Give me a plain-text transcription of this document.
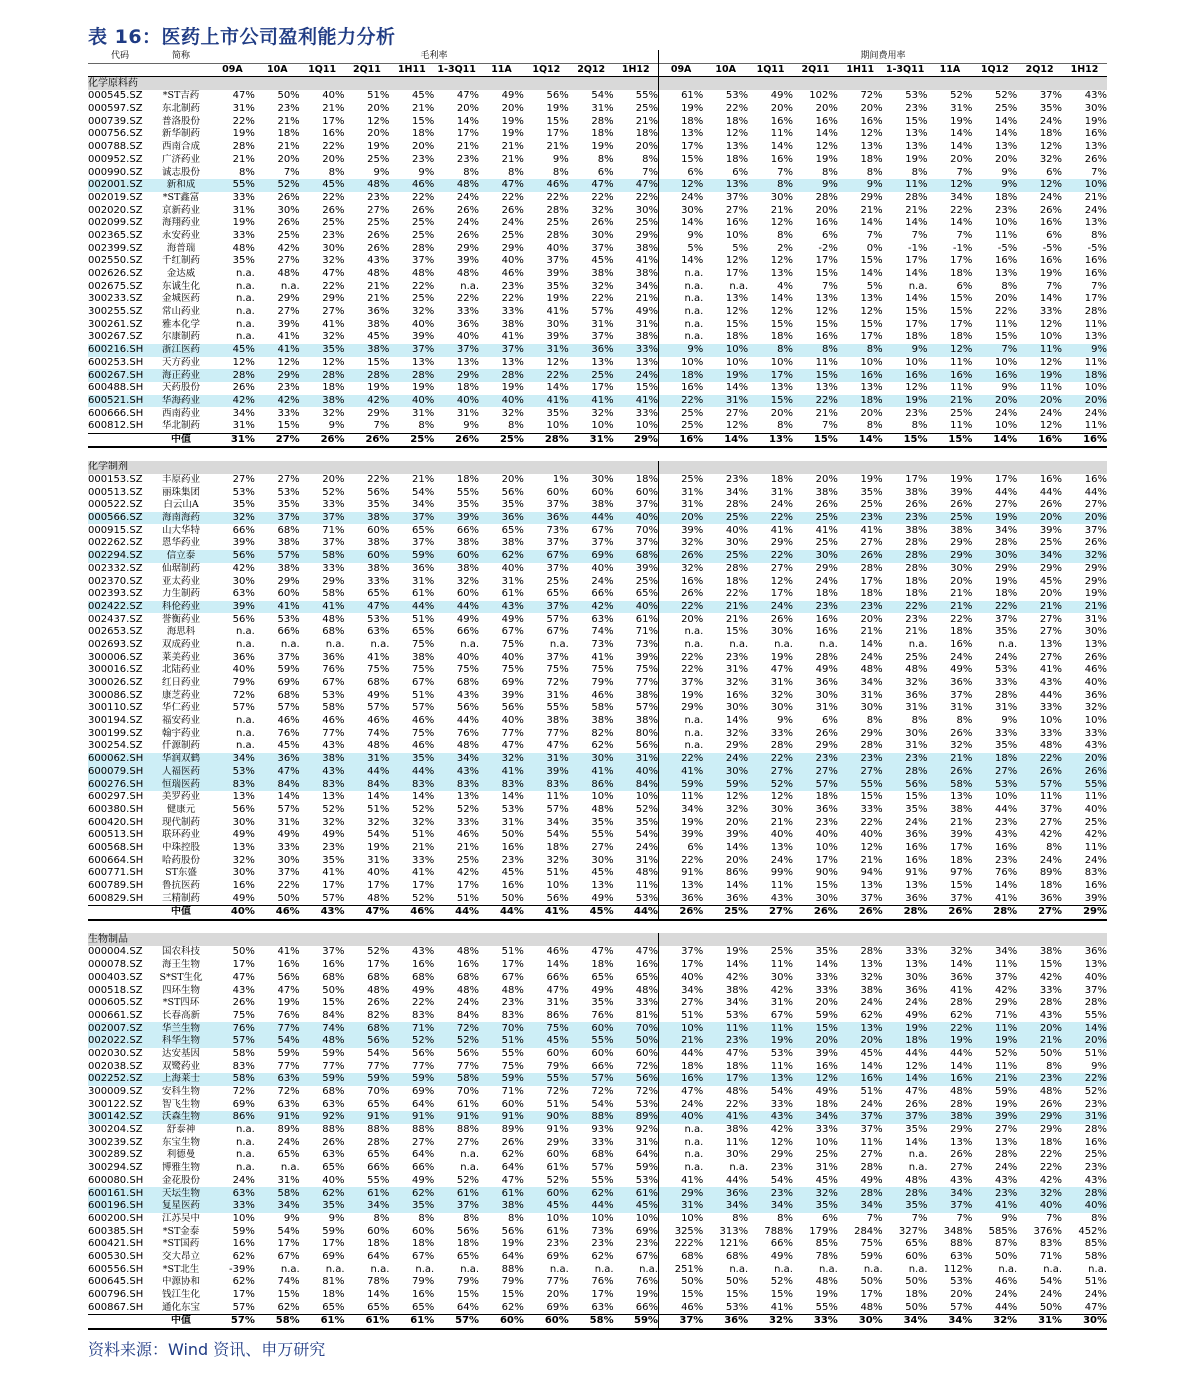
表 16：医药上市公司盈利能力分析
代码	简称	毛利率										期间费用率									
		09A	10A	1Q11	2Q11	1H11	1-3Q11	11A	1Q12	2Q12	1H12	09A	10A	1Q11	2Q11	1H11	1-3Q11	11A	1Q12	2Q12	1H12
化学原料药																					
000545.SZ	*ST吉药	47%	50%	40%	51%	45%	47%	49%	56%	54%	55%	61%	53%	49%	102%	72%	53%	52%	52%	37%	43%
000597.SZ	东北制药	31%	23%	21%	20%	21%	20%	20%	19%	31%	25%	19%	22%	20%	20%	20%	23%	31%	25%	35%	30%
000739.SZ	普洛股份	22%	21%	17%	12%	15%	14%	19%	15%	28%	21%	18%	18%	16%	16%	16%	15%	19%	14%	24%	19%
000756.SZ	新华制药	19%	18%	16%	20%	18%	17%	19%	17%	18%	18%	13%	12%	11%	14%	12%	13%	14%	14%	18%	16%
000788.SZ	西南合成	28%	21%	22%	19%	20%	21%	21%	21%	19%	20%	17%	13%	14%	12%	13%	13%	14%	13%	12%	13%
000952.SZ	广济药业	21%	20%	20%	25%	23%	23%	21%	9%	8%	8%	15%	18%	16%	19%	18%	19%	20%	20%	32%	26%
000990.SZ	诚志股份	8%	7%	8%	9%	9%	8%	8%	8%	6%	7%	6%	6%	7%	8%	8%	8%	7%	9%	6%	7%
002001.SZ	新和成	55%	52%	45%	48%	46%	48%	47%	46%	47%	47%	12%	13%	8%	9%	9%	11%	12%	9%	12%	10%
002019.SZ	*ST鑫富	33%	26%	22%	23%	22%	24%	22%	22%	22%	22%	24%	37%	30%	28%	29%	28%	34%	18%	24%	21%
002020.SZ	京新药业	31%	30%	26%	27%	26%	26%	26%	28%	32%	30%	30%	27%	21%	20%	21%	21%	22%	23%	26%	24%
002099.SZ	海翔药业	19%	26%	25%	25%	25%	24%	24%	25%	26%	25%	14%	16%	12%	16%	14%	14%	14%	10%	16%	13%
002365.SZ	永安药业	33%	25%	23%	26%	25%	26%	25%	28%	30%	29%	9%	10%	8%	6%	7%	7%	7%	11%	6%	8%
002399.SZ	海普瑞	48%	42%	30%	26%	28%	29%	29%	40%	37%	38%	5%	5%	2%	-2%	0%	-1%	-1%	-5%	-5%	-5%
002550.SZ	千红制药	35%	27%	32%	43%	37%	39%	40%	37%	45%	41%	14%	12%	12%	17%	15%	17%	17%	16%	16%	16%
002626.SZ	金达威	n.a.	48%	47%	48%	48%	48%	46%	39%	38%	38%	n.a.	17%	13%	15%	14%	14%	18%	13%	19%	16%
002675.SZ	东诚生化	n.a.	n.a.	22%	21%	22%	n.a.	23%	35%	32%	34%	n.a.	n.a.	4%	7%	5%	n.a.	6%	8%	7%	7%
300233.SZ	金城医药	n.a.	29%	29%	21%	25%	22%	22%	19%	22%	21%	n.a.	13%	14%	13%	13%	14%	15%	20%	14%	17%
300255.SZ	常山药业	n.a.	27%	27%	36%	32%	33%	33%	41%	57%	49%	n.a.	12%	12%	12%	12%	15%	15%	22%	33%	28%
300261.SZ	雅本化学	n.a.	39%	41%	38%	40%	36%	38%	30%	31%	31%	n.a.	15%	15%	15%	15%	17%	17%	11%	12%	11%
300267.SZ	尔康制药	n.a.	41%	32%	45%	39%	40%	41%	39%	37%	38%	n.a.	18%	18%	16%	17%	18%	18%	15%	10%	13%
600216.SH	浙江医药	45%	41%	35%	38%	37%	37%	37%	31%	36%	33%	9%	10%	8%	8%	8%	9%	12%	7%	11%	9%
600253.SH	天方药业	12%	12%	12%	15%	13%	13%	13%	12%	13%	13%	10%	10%	10%	11%	10%	10%	11%	10%	12%	11%
600267.SH	海正药业	28%	29%	28%	28%	28%	29%	28%	22%	25%	24%	18%	19%	17%	15%	16%	16%	16%	16%	19%	18%
600488.SH	天药股份	26%	23%	18%	19%	19%	18%	19%	14%	17%	15%	16%	14%	13%	13%	13%	12%	11%	9%	11%	10%
600521.SH	华海药业	42%	42%	38%	42%	40%	40%	40%	41%	41%	41%	22%	31%	15%	22%	18%	19%	21%	20%	20%	20%
600666.SH	西南药业	34%	33%	32%	29%	31%	31%	32%	35%	32%	33%	25%	27%	20%	21%	20%	23%	25%	24%	24%	24%
600812.SH	华北制药	31%	15%	9%	7%	8%	9%	8%	10%	10%	10%	25%	12%	8%	7%	8%	8%	11%	10%	12%	11%
	中值	31%	27%	26%	26%	25%	26%	25%	28%	31%	29%	16%	14%	13%	15%	14%	15%	15%	14%	16%	16%

化学制剂																					
000153.SZ	丰原药业	27%	27%	20%	22%	21%	18%	20%	1%	30%	18%	25%	23%	18%	20%	19%	17%	19%	17%	16%	16%
000513.SZ	丽珠集团	53%	53%	52%	56%	54%	55%	56%	60%	60%	60%	31%	34%	31%	38%	35%	38%	39%	44%	44%	44%
000522.SZ	白云山A	35%	35%	33%	35%	34%	35%	35%	37%	38%	37%	31%	28%	24%	26%	25%	26%	26%	27%	26%	27%
000566.SZ	海南海药	32%	37%	37%	38%	37%	39%	36%	36%	44%	40%	20%	25%	22%	25%	23%	23%	25%	19%	20%	20%
000915.SZ	山大华特	66%	68%	71%	60%	65%	66%	65%	73%	67%	70%	39%	40%	41%	41%	41%	38%	38%	34%	39%	37%
002262.SZ	恩华药业	39%	38%	37%	38%	37%	38%	38%	37%	37%	37%	32%	30%	29%	25%	27%	28%	29%	28%	25%	26%
002294.SZ	信立泰	56%	57%	58%	60%	59%	60%	62%	67%	69%	68%	26%	25%	22%	30%	26%	28%	29%	30%	34%	32%
002332.SZ	仙琚制药	42%	38%	33%	38%	36%	38%	40%	37%	40%	39%	32%	28%	27%	29%	28%	28%	30%	29%	29%	29%
002370.SZ	亚太药业	30%	29%	29%	33%	31%	32%	31%	25%	24%	25%	16%	18%	12%	24%	17%	18%	20%	19%	45%	29%
002393.SZ	力生制药	63%	60%	58%	65%	61%	60%	61%	65%	66%	65%	26%	22%	17%	18%	18%	18%	21%	18%	20%	19%
002422.SZ	科伦药业	39%	41%	41%	47%	44%	44%	43%	37%	42%	40%	22%	21%	24%	23%	23%	22%	21%	22%	21%	21%
002437.SZ	誉衡药业	56%	53%	48%	53%	51%	49%	49%	57%	63%	61%	20%	21%	26%	16%	20%	23%	22%	37%	27%	31%
002653.SZ	海思科	n.a.	66%	68%	63%	65%	66%	67%	67%	74%	71%	n.a.	15%	30%	16%	21%	21%	18%	35%	27%	30%
002693.SZ	双成药业	n.a.	n.a.	n.a.	n.a.	75%	n.a.	75%	n.a.	73%	73%	n.a.	n.a.	n.a.	n.a.	14%	n.a.	16%	n.a.	13%	13%
300006.SZ	莱美药业	36%	37%	36%	41%	38%	40%	40%	37%	41%	39%	22%	23%	19%	28%	24%	25%	24%	24%	27%	26%
300016.SZ	北陆药业	40%	59%	76%	75%	75%	75%	75%	75%	75%	75%	22%	31%	47%	49%	48%	48%	49%	53%	41%	46%
300026.SZ	红日药业	79%	69%	67%	68%	67%	68%	69%	72%	79%	77%	37%	32%	31%	36%	34%	32%	36%	33%	43%	40%
300086.SZ	康芝药业	72%	68%	53%	49%	51%	43%	39%	31%	46%	38%	19%	16%	32%	30%	31%	36%	37%	28%	44%	36%
300110.SZ	华仁药业	57%	57%	58%	57%	57%	56%	56%	55%	58%	57%	29%	30%	30%	31%	30%	31%	31%	31%	33%	32%
300194.SZ	福安药业	n.a.	46%	46%	46%	46%	44%	40%	38%	38%	38%	n.a.	14%	9%	6%	8%	8%	8%	9%	10%	10%
300199.SZ	翰宇药业	n.a.	76%	77%	74%	75%	76%	77%	77%	82%	80%	n.a.	32%	33%	26%	29%	30%	26%	33%	33%	33%
300254.SZ	仟源制药	n.a.	45%	43%	48%	46%	48%	47%	47%	62%	56%	n.a.	29%	28%	29%	28%	31%	32%	35%	48%	43%
600062.SH	华润双鹤	34%	36%	38%	31%	35%	34%	32%	31%	30%	31%	22%	24%	22%	23%	23%	23%	21%	18%	22%	20%
600079.SH	人福医药	53%	47%	43%	44%	44%	43%	41%	39%	41%	40%	41%	30%	27%	27%	27%	28%	26%	27%	26%	26%
600276.SH	恒瑞医药	83%	84%	83%	84%	83%	83%	83%	83%	86%	84%	59%	59%	52%	57%	55%	56%	58%	53%	57%	55%
600297.SH	美罗药业	13%	14%	13%	14%	14%	13%	14%	11%	10%	10%	11%	12%	12%	18%	15%	15%	13%	10%	11%	11%
600380.SH	健康元	56%	57%	52%	51%	52%	52%	53%	57%	48%	52%	34%	32%	30%	36%	33%	35%	38%	44%	37%	40%
600420.SH	现代制药	30%	31%	32%	32%	32%	33%	31%	34%	35%	35%	19%	20%	21%	23%	22%	24%	21%	23%	27%	25%
600513.SH	联环药业	49%	49%	49%	54%	51%	46%	50%	54%	55%	54%	39%	39%	40%	40%	40%	36%	39%	43%	42%	42%
600568.SH	中珠控股	13%	33%	23%	19%	21%	21%	16%	18%	27%	24%	6%	14%	13%	10%	12%	16%	17%	16%	8%	11%
600664.SH	哈药股份	32%	30%	35%	31%	33%	25%	23%	32%	30%	31%	22%	20%	24%	17%	21%	16%	18%	23%	24%	24%
600771.SH	ST东盛	30%	37%	41%	40%	41%	42%	45%	51%	45%	48%	91%	86%	99%	90%	94%	91%	97%	76%	89%	83%
600789.SH	鲁抗医药	16%	22%	17%	17%	17%	17%	16%	10%	13%	11%	13%	14%	11%	15%	13%	13%	15%	14%	18%	16%
600829.SH	三精制药	49%	50%	57%	48%	52%	51%	50%	56%	49%	53%	36%	36%	43%	30%	37%	36%	37%	41%	36%	39%
	中值	40%	46%	43%	47%	46%	44%	44%	41%	45%	44%	26%	25%	27%	26%	26%	28%	26%	28%	27%	29%

生物制品																					
000004.SZ	国农科技	50%	41%	37%	52%	43%	48%	51%	46%	47%	47%	37%	19%	25%	35%	28%	33%	32%	34%	38%	36%
000078.SZ	海王生物	17%	16%	16%	17%	16%	16%	17%	14%	18%	16%	17%	14%	11%	14%	13%	13%	14%	11%	15%	13%
000403.SZ	S*ST生化	47%	56%	68%	68%	68%	68%	67%	66%	65%	65%	40%	42%	30%	33%	32%	30%	36%	37%	42%	40%
000518.SZ	四环生物	43%	47%	50%	48%	49%	48%	48%	47%	49%	48%	34%	38%	42%	33%	38%	36%	41%	42%	33%	37%
000605.SZ	*ST四环	26%	19%	15%	26%	22%	24%	23%	31%	35%	33%	27%	34%	31%	20%	24%	24%	28%	29%	28%	28%
000661.SZ	长春高新	75%	76%	84%	82%	83%	84%	83%	86%	76%	81%	51%	53%	67%	59%	62%	49%	62%	71%	43%	55%
002007.SZ	华兰生物	76%	77%	74%	68%	71%	72%	70%	75%	60%	70%	10%	11%	11%	15%	13%	19%	22%	11%	20%	14%
002022.SZ	科华生物	57%	54%	48%	56%	52%	52%	51%	45%	55%	50%	21%	23%	19%	20%	20%	18%	19%	19%	21%	20%
002030.SZ	达安基因	58%	59%	59%	54%	56%	56%	55%	60%	60%	60%	44%	47%	53%	39%	45%	44%	44%	52%	50%	51%
002038.SZ	双鹭药业	83%	77%	77%	77%	77%	77%	75%	79%	66%	72%	18%	18%	11%	16%	14%	12%	14%	11%	8%	9%
002252.SZ	上海莱士	58%	63%	59%	59%	59%	58%	59%	55%	57%	56%	16%	17%	13%	12%	16%	14%	16%	21%	23%	22%
300009.SZ	安科生物	72%	72%	68%	70%	69%	70%	71%	72%	72%	72%	47%	48%	54%	49%	51%	47%	48%	59%	48%	52%
300122.SZ	智飞生物	69%	63%	63%	65%	64%	61%	60%	51%	54%	53%	24%	22%	33%	18%	24%	26%	28%	19%	26%	23%
300142.SZ	沃森生物	86%	91%	92%	91%	91%	91%	91%	90%	88%	89%	40%	41%	43%	34%	37%	37%	38%	39%	29%	31%
300204.SZ	舒泰神	n.a.	89%	88%	88%	88%	88%	89%	91%	93%	92%	n.a.	38%	42%	33%	37%	35%	29%	27%	29%	28%
300239.SZ	东宝生物	n.a.	24%	26%	28%	27%	27%	26%	29%	33%	31%	n.a.	11%	12%	10%	11%	14%	13%	13%	18%	16%
300289.SZ	利德曼	n.a.	65%	63%	65%	64%	n.a.	62%	60%	68%	64%	n.a.	30%	29%	25%	27%	n.a.	26%	28%	22%	25%
300294.SZ	博雅生物	n.a.	n.a.	65%	66%	66%	n.a.	64%	61%	57%	59%	n.a.	n.a.	23%	31%	28%	n.a.	27%	24%	22%	23%
600080.SH	金花股份	24%	31%	40%	55%	49%	52%	47%	52%	55%	53%	41%	44%	54%	45%	49%	48%	43%	43%	42%	43%
600161.SH	天坛生物	63%	58%	62%	61%	62%	61%	61%	60%	62%	61%	29%	36%	23%	32%	28%	28%	34%	23%	32%	28%
600196.SH	复星医药	33%	34%	35%	34%	35%	37%	38%	45%	44%	45%	31%	34%	34%	35%	34%	35%	37%	41%	40%	40%
600200.SH	江苏吴中	10%	9%	9%	8%	8%	8%	8%	10%	10%	10%	10%	8%	8%	6%	7%	7%	7%	9%	7%	8%
600385.SH	*ST金泰	59%	54%	59%	60%	60%	56%	56%	61%	73%	69%	325%	313%	788%	179%	284%	327%	348%	585%	376%	452%
600421.SH	*ST国药	16%	17%	17%	18%	18%	18%	19%	23%	23%	23%	222%	121%	66%	85%	75%	65%	88%	87%	83%	85%
600530.SH	交大昂立	62%	67%	69%	64%	67%	65%	64%	69%	62%	67%	68%	68%	49%	78%	59%	60%	63%	50%	71%	58%
600556.SH	*ST北生	-39%	n.a.	n.a.	n.a.	n.a.	n.a.	88%	n.a.	n.a.	n.a.	251%	n.a.	n.a.	n.a.	n.a.	n.a.	112%	n.a.	n.a.	n.a.
600645.SH	中源协和	62%	74%	81%	78%	79%	79%	79%	77%	76%	76%	50%	50%	52%	48%	50%	50%	53%	46%	54%	51%
600796.SH	钱江生化	17%	15%	18%	14%	16%	15%	15%	20%	17%	19%	15%	15%	15%	19%	17%	18%	20%	24%	24%	24%
600867.SH	通化东宝	57%	62%	65%	65%	65%	64%	62%	69%	63%	66%	46%	53%	41%	55%	48%	50%	57%	44%	50%	47%
	中值	57%	58%	61%	61%	61%	57%	60%	60%	58%	59%	37%	36%	32%	33%	30%	34%	34%	32%	31%	30%
资料来源：Wind 资讯、申万研究
